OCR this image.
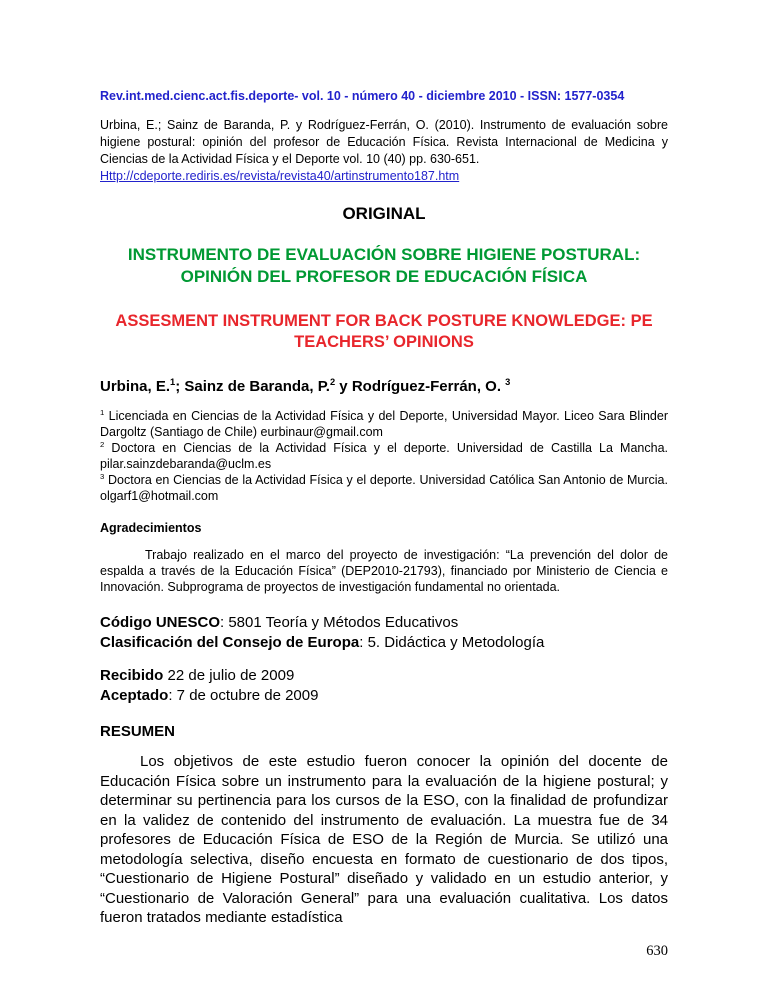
Rev.int.med.cienc.act.fis.deporte- vol. 10 - número 40 - diciembre 2010 - ISSN: 1577-0354

Urbina, E.; Sainz de Baranda, P. y Rodríguez-Ferrán, O. (2010). Instrumento de evaluación sobre higiene postural: opinión del profesor de Educación Física. Revista Internacional de Medicina y Ciencias de la Actividad Física y el Deporte vol. 10 (40) pp. 630-651.
Http://cdeporte.rediris.es/revista/revista40/artinstrumento187.htm

ORIGINAL
INSTRUMENTO DE EVALUACIÓN SOBRE HIGIENE POSTURAL: OPINIÓN DEL PROFESOR DE EDUCACIÓN FÍSICA
ASSESMENT INSTRUMENT FOR BACK POSTURE KNOWLEDGE: PE TEACHERS’ OPINIONS

Urbina, E.$^1$; Sainz de Baranda, P.$^2$ y Rodríguez-Ferrán, O. $^3$

$^1$ Licenciada en Ciencias de la Actividad Física y del Deporte, Universidad Mayor. Liceo Sara Blinder Dargoltz (Santiago de Chile) eurbinaur@gmail.com

$^2$ Doctora en Ciencias de la Actividad Física y el deporte. Universidad de Castilla La Mancha. pilar.sainzdebaranda@uclm.es

$^3$ Doctora en Ciencias de la Actividad Física y el deporte. Universidad Católica San Antonio de Murcia. olgarf1@hotmail.com

Agradecimientos

Trabajo realizado en el marco del proyecto de investigación: “La prevención del dolor de espalda a través de la Educación Física” (DEP2010-21793), financiado por Ministerio de Ciencia e Innovación. Subprograma de proyectos de investigación fundamental no orientada.

Código UNESCO: 5801 Teoría y Métodos Educativos

Clasificación del Consejo de Europa: 5. Didáctica y Metodología

Recibido 22 de julio de 2009

Aceptado: 7 de octubre de 2009

RESUMEN

Los objetivos de este estudio fueron conocer la opinión del docente de Educación Física sobre un instrumento para la evaluación de la higiene postural; y determinar su pertinencia para los cursos de la ESO, con la finalidad de profundizar en la validez de contenido del instrumento de evaluación. La muestra fue de 34 profesores de Educación Física de ESO de la Región de Murcia. Se utilizó una metodología selectiva, diseño encuesta en formato de cuestionario de dos tipos, “Cuestionario de Higiene Postural” diseñado y validado en un estudio anterior, y “Cuestionario de Valoración General” para una evaluación cualitativa. Los datos fueron tratados mediante estadística

630
